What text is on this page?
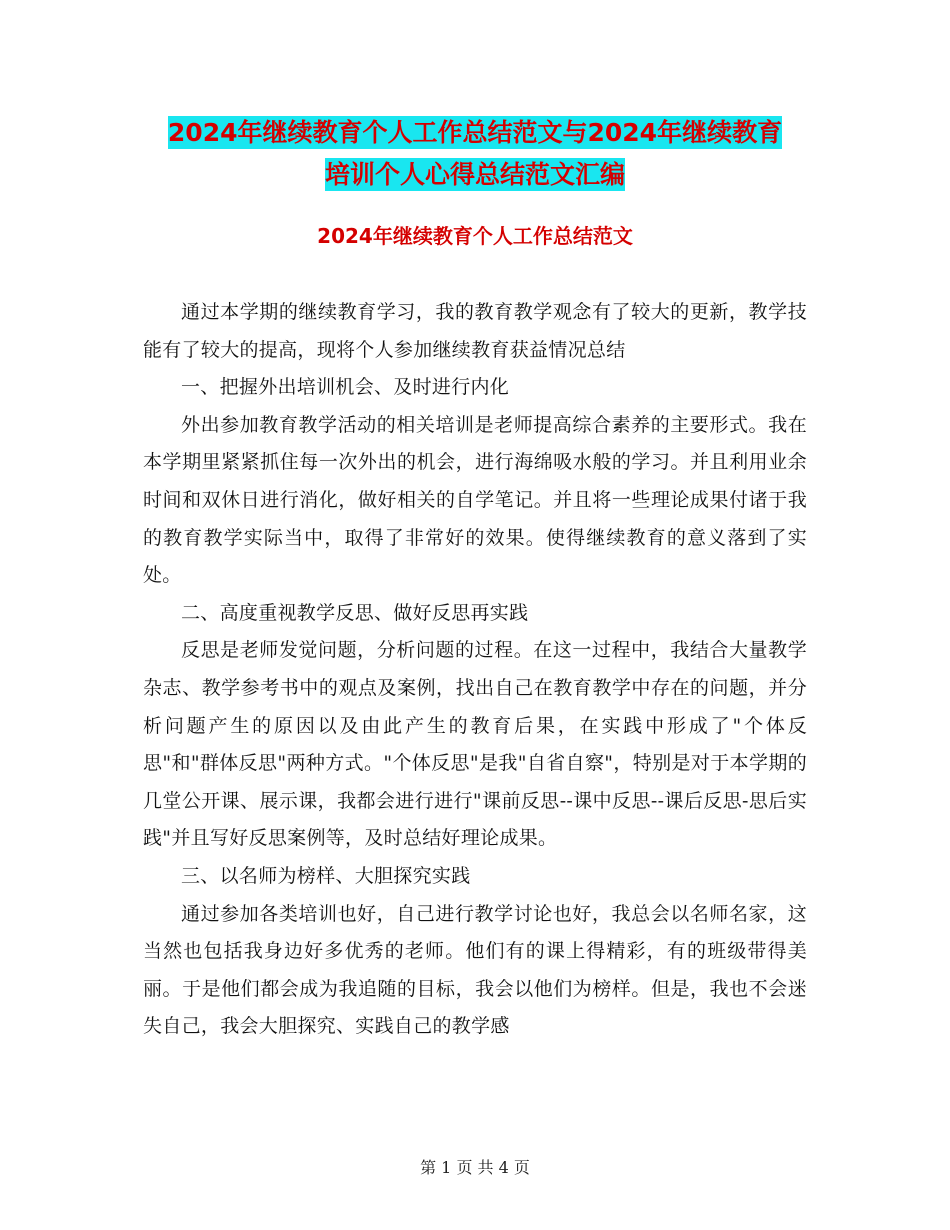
2024年继续教育个人工作总结范文与2024年继续教育
培训个人心得总结范文汇编
2024年继续教育个人工作总结范文

通过本学期的继续教育学习，我的教育教学观念有了较大的更新，教学技能有了较大的提高，现将个人参加继续教育获益情况总结

一、把握外出培训机会、及时进行内化

外出参加教育教学活动的相关培训是老师提高综合素养的主要形式。我在本学期里紧紧抓住每一次外出的机会，进行海绵吸水般的学习。并且利用业余时间和双休日进行消化，做好相关的自学笔记。并且将一些理论成果付诸于我的教育教学实际当中，取得了非常好的效果。使得继续教育的意义落到了实处。

二、高度重视教学反思、做好反思再实践

反思是老师发觉问题，分析问题的过程。在这一过程中，我结合大量教学杂志、教学参考书中的观点及案例，找出自己在教育教学中存在的问题，并分析问题产生的原因以及由此产生的教育后果，在实践中形成了"个体反思"和"群体反思"两种方式。"个体反思"是我"自省自察"，特别是对于本学期的几堂公开课、展示课，我都会进行进行"课前反思--课中反思--课后反思-思后实践"并且写好反思案例等，及时总结好理论成果。

三、以名师为榜样、大胆探究实践

通过参加各类培训也好，自己进行教学讨论也好，我总会以名师名家，这当然也包括我身边好多优秀的老师。他们有的课上得精彩，有的班级带得美丽。于是他们都会成为我追随的目标，我会以他们为榜样。但是，我也不会迷失自己，我会大胆探究、实践自己的教学感

第 1 页 共 4 页
